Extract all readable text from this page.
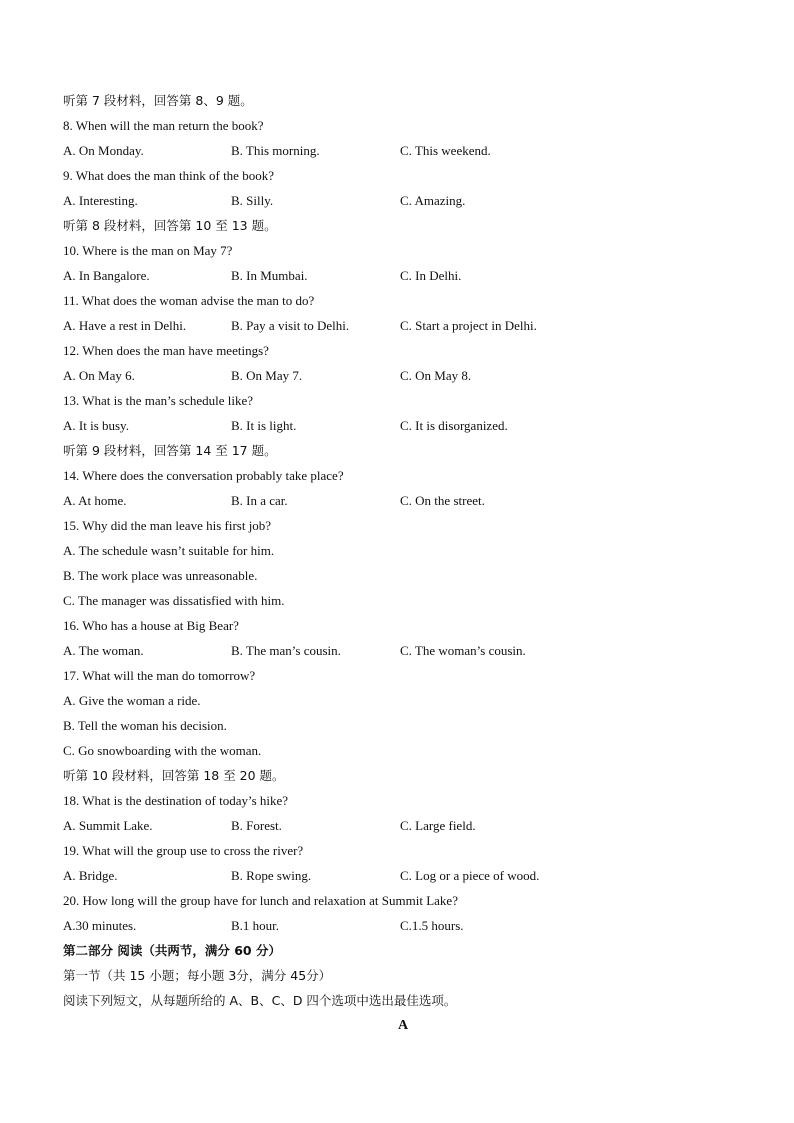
听第 7 段材料，回答第 8、9 题。
8. When will the man return the book?
A. On Monday.	B. This morning.	C. This weekend.
9. What does the man think of the book?
A. Interesting.	B. Silly.	C. Amazing.
听第 8 段材料，回答第 10 至 13 题。
10. Where is the man on May 7?
A. In Bangalore.	B. In Mumbai.	C. In Delhi.
11. What does the woman advise the man to do?
A. Have a rest in Delhi.	B. Pay a visit to Delhi.	C. Start a project in Delhi.
12. When does the man have meetings?
A. On May 6.	B. On May 7.	C. On May 8.
13. What is the man’s schedule like?
A. It is busy.	B. It is light.	C. It is disorganized.
听第 9 段材料，回答第 14 至 17 题。
14. Where does the conversation probably take place?
A. At home.	B. In a car.	C. On the street.
15. Why did the man leave his first job?
A. The schedule wasn’t suitable for him.
B. The work place was unreasonable.
C. The manager was dissatisfied with him.
16. Who has a house at Big Bear?
A. The woman.	B. The man’s cousin.	C. The woman’s cousin.
17. What will the man do tomorrow?
A. Give the woman a ride.
B. Tell the woman his decision.
C. Go snowboarding with the woman.
听第 10 段材料，回答第 18 至 20 题。
18. What is the destination of today’s hike?
A. Summit Lake.	B. Forest.	C. Large field.
19. What will the group use to cross the river?
A. Bridge.	B. Rope swing.	C. Log or a piece of wood.
20. How long will the group have for lunch and relaxation at Summit Lake?
A.30 minutes.	B.1 hour.	C.1.5 hours.
第二部分 阅读（共两节，满分 60 分）
第一节（共 15 小题；每小题 3分，满分 45分）
阅读下列短文，从每题所给的 A、B、C、D 四个选项中选出最佳选项。
A
